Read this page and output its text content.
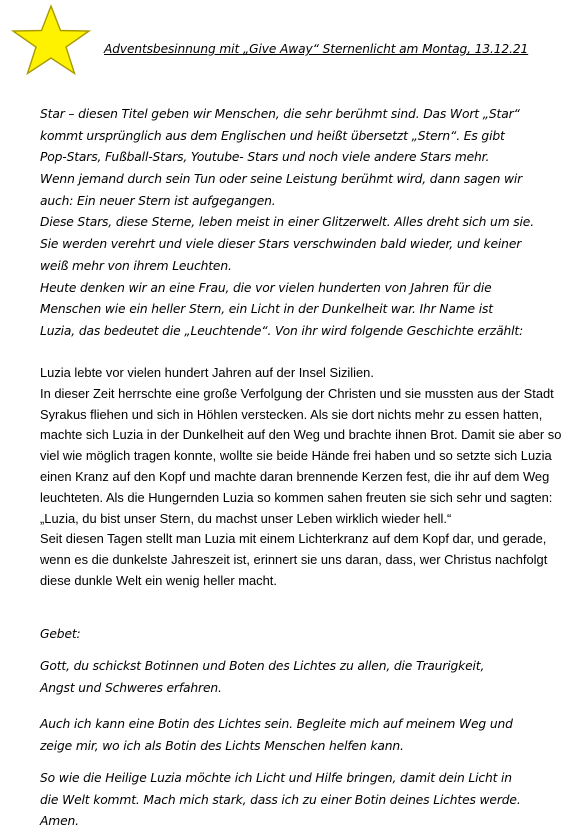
Adventsbesinnung mit „Give Away“ Sternenlicht am Montag, 13.12.21
Star – diesen Titel geben wir Menschen, die sehr berühmt sind. Das Wort „Star“
kommt ursprünglich aus dem Englischen und heißt übersetzt „Stern“. Es gibt
Pop-Stars, Fußball-Stars, Youtube- Stars und noch viele andere Stars mehr.
Wenn jemand durch sein Tun oder seine Leistung berühmt wird, dann sagen wir
auch: Ein neuer Stern ist aufgegangen.
Diese Stars, diese Sterne, leben meist in einer Glitzerwelt. Alles dreht sich um sie.
Sie werden verehrt und viele dieser Stars verschwinden bald wieder, und keiner
weiß mehr von ihrem Leuchten.
Heute denken wir an eine Frau, die vor vielen hunderten von Jahren für die
Menschen wie ein heller Stern, ein Licht in der Dunkelheit war. Ihr Name ist
Luzia, das bedeutet die „Leuchtende“. Von ihr wird folgende Geschichte erzählt:
Luzia lebte vor vielen hundert Jahren auf der Insel Sizilien.
In dieser Zeit herrschte eine große Verfolgung der Christen und sie mussten aus der Stadt
Syrakus fliehen und sich in Höhlen verstecken. Als sie dort nichts mehr zu essen hatten,
machte sich Luzia in der Dunkelheit auf den Weg und brachte ihnen Brot. Damit sie aber so
viel wie möglich tragen konnte, wollte sie beide Hände frei haben und so setzte sich Luzia
einen Kranz auf den Kopf und machte daran brennende Kerzen fest, die ihr auf dem Weg
leuchteten. Als die Hungernden Luzia so kommen sahen freuten sie sich sehr und sagten:
„Luzia, du bist unser Stern, du machst unser Leben wirklich wieder hell.“
Seit diesen Tagen stellt man Luzia mit einem Lichterkranz auf dem Kopf dar, und gerade,
wenn es die dunkelste Jahreszeit ist, erinnert sie uns daran, dass, wer Christus nachfolgt
diese dunkle Welt ein wenig heller macht.
Gebet:
Gott, du schickst Botinnen und Boten des Lichtes zu allen, die Traurigkeit,
Angst und Schweres erfahren.
Auch ich kann eine Botin des Lichtes sein. Begleite mich auf meinem Weg und
zeige mir, wo ich als Botin des Lichts Menschen helfen kann.
So wie die Heilige Luzia möchte ich Licht und Hilfe bringen, damit dein Licht in
die Welt kommt. Mach mich stark, dass ich zu einer Botin deines Lichtes werde.
Amen.
